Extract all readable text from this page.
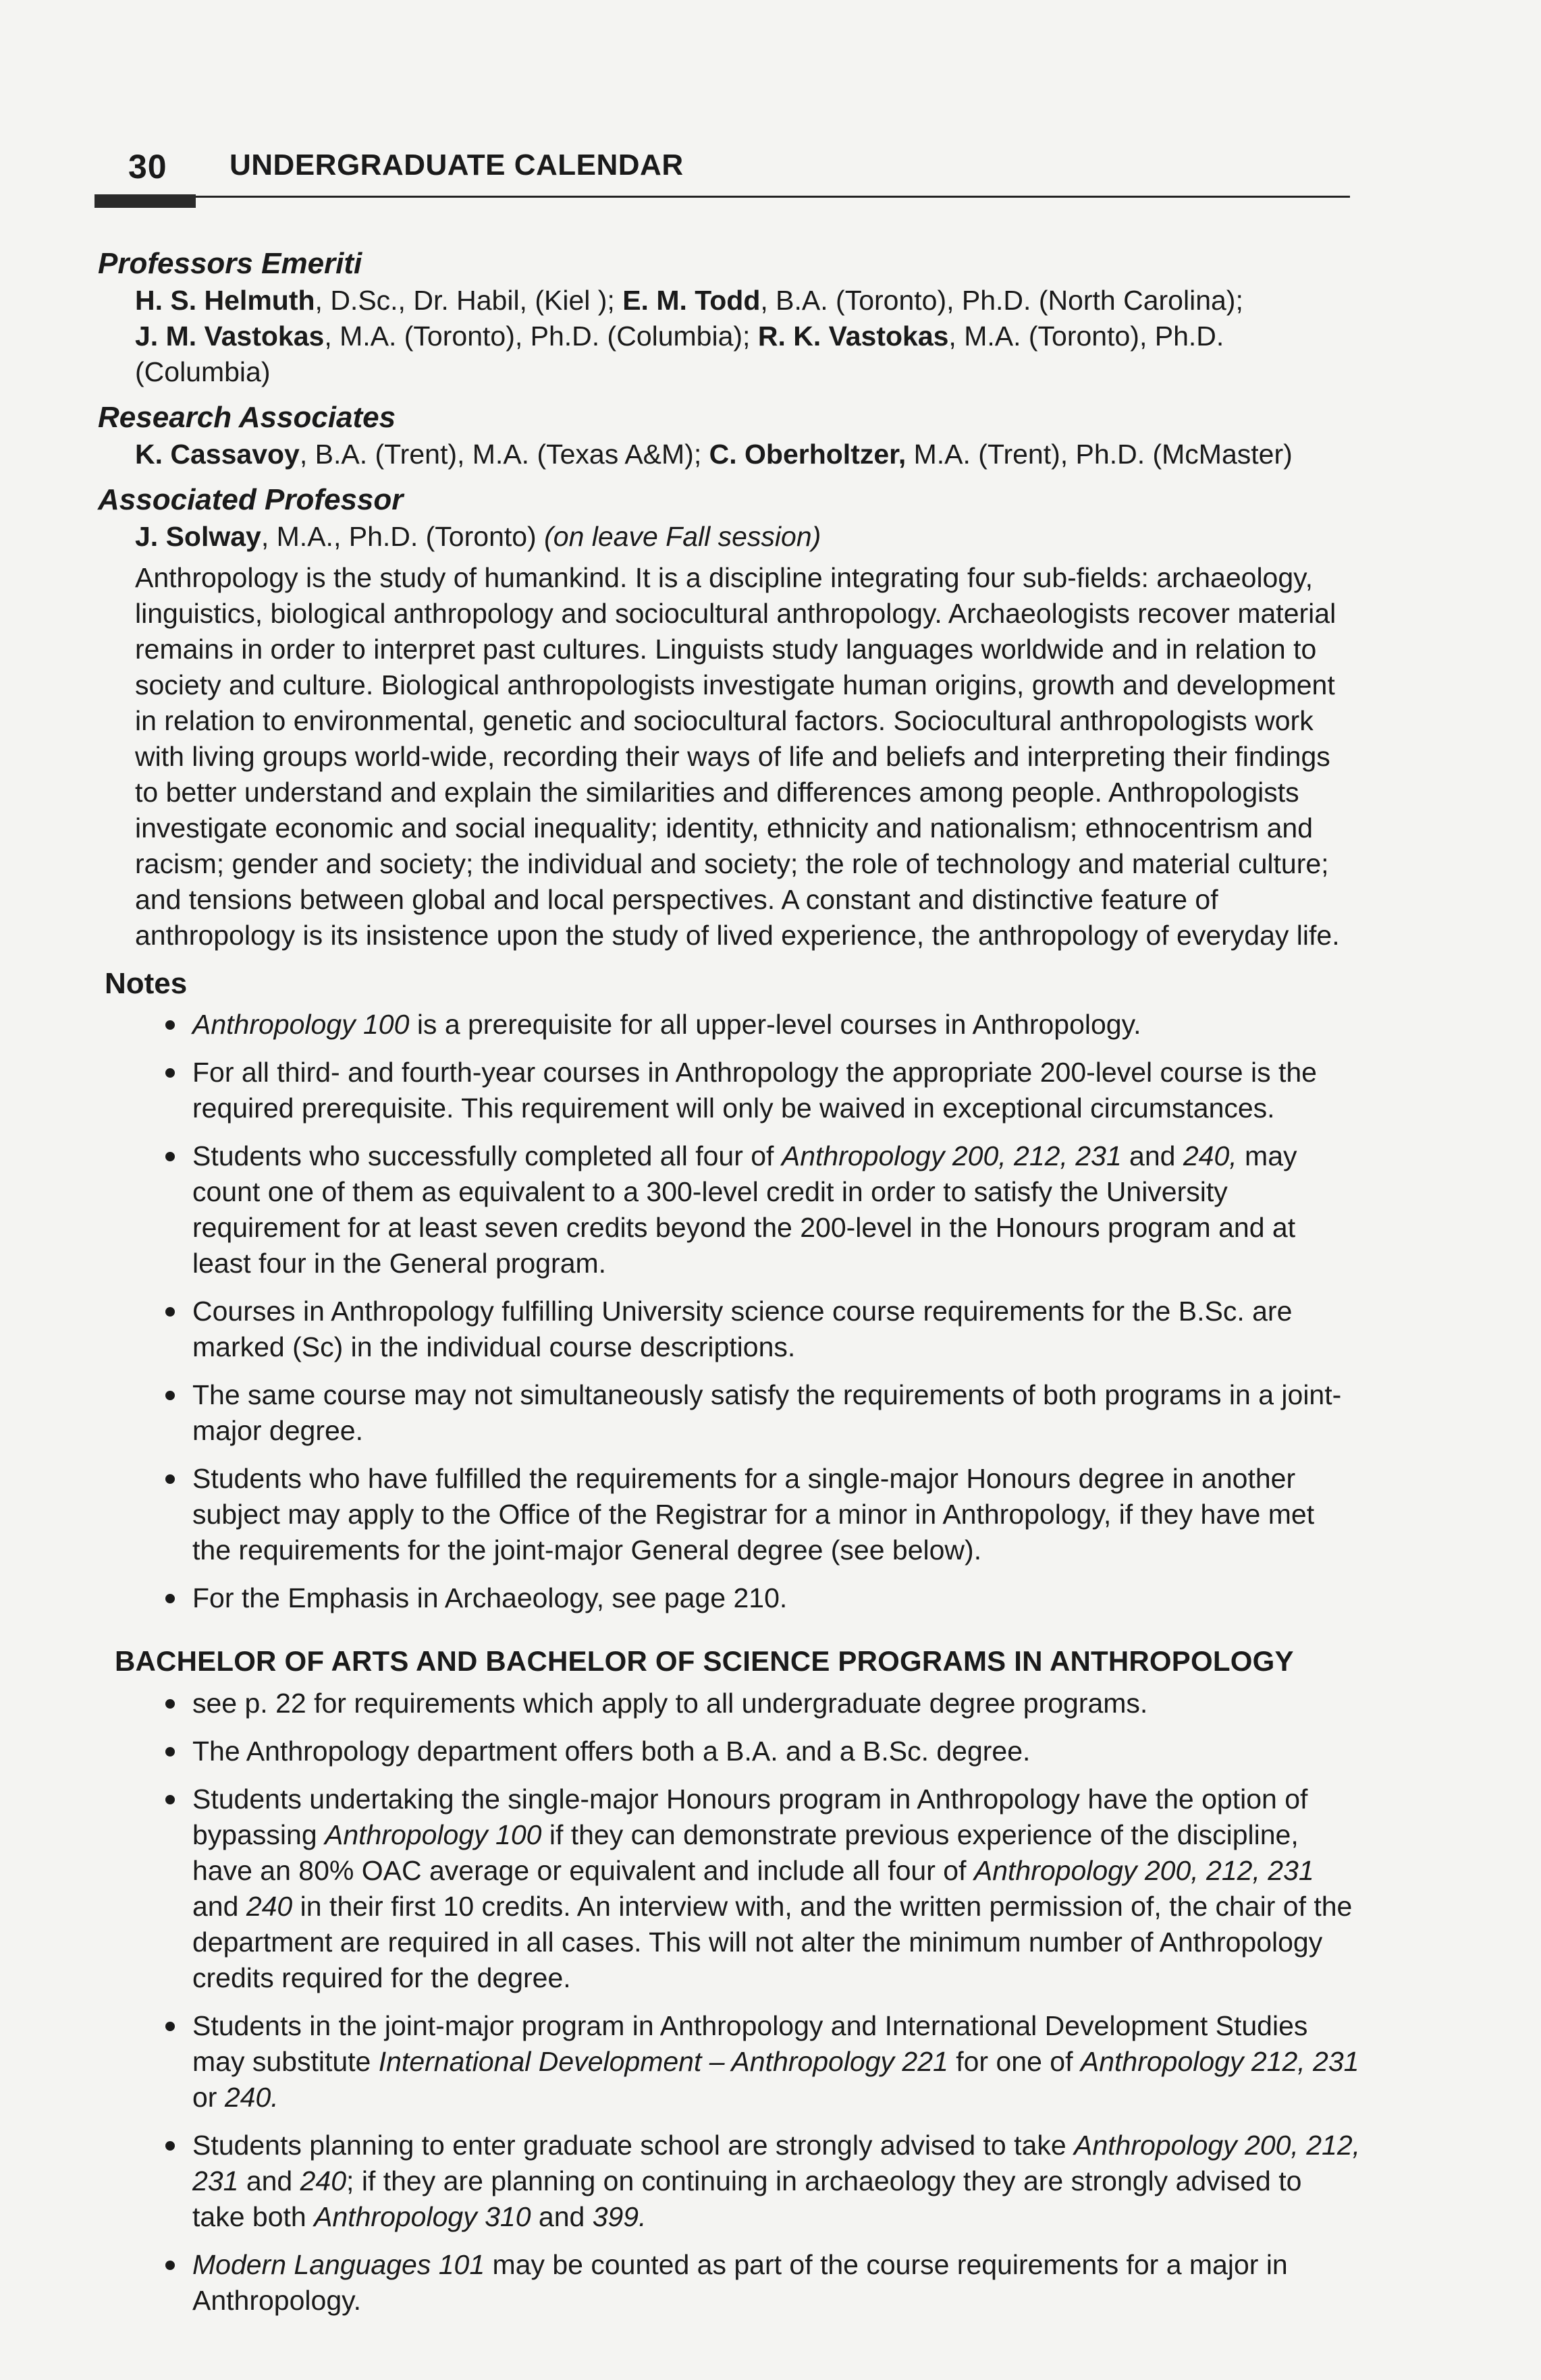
30 UNDERGRADUATE CALENDAR
Professors Emeriti
H. S. Helmuth, D.Sc., Dr. Habil, (Kiel ); E. M. Todd, B.A. (Toronto), Ph.D. (North Carolina);
J. M. Vastokas, M.A. (Toronto), Ph.D. (Columbia); R. K. Vastokas, M.A. (Toronto), Ph.D. (Columbia)
Research Associates
K. Cassavoy, B.A. (Trent), M.A. (Texas A&M); C. Oberholtzer, M.A. (Trent), Ph.D. (McMaster)
Associated Professor
J. Solway, M.A., Ph.D. (Toronto) (on leave Fall session)
Anthropology is the study of humankind. It is a discipline integrating four sub-fields: archaeology, linguistics, biological anthropology and sociocultural anthropology. Archaeologists recover material remains in order to interpret past cultures. Linguists study languages worldwide and in relation to society and culture. Biological anthropologists investigate human origins, growth and development in relation to environmental, genetic and sociocultural factors. Sociocultural anthropologists work with living groups world-wide, recording their ways of life and beliefs and interpreting their findings to better understand and explain the similarities and differences among people. Anthropologists investigate economic and social inequality; identity, ethnicity and nationalism; ethnocentrism and racism; gender and society; the individual and society; the role of technology and material culture; and tensions between global and local perspectives. A constant and distinctive feature of anthropology is its insistence upon the study of lived experience, the anthropology of everyday life.
Notes
Anthropology 100 is a prerequisite for all upper-level courses in Anthropology.
For all third- and fourth-year courses in Anthropology the appropriate 200-level course is the required prerequisite. This requirement will only be waived in exceptional circumstances.
Students who successfully completed all four of Anthropology 200, 212, 231 and 240, may count one of them as equivalent to a 300-level credit in order to satisfy the University requirement for at least seven credits beyond the 200-level in the Honours program and at least four in the General program.
Courses in Anthropology fulfilling University science course requirements for the B.Sc. are marked (Sc) in the individual course descriptions.
The same course may not simultaneously satisfy the requirements of both programs in a joint-major degree.
Students who have fulfilled the requirements for a single-major Honours degree in another subject may apply to the Office of the Registrar for a minor in Anthropology, if they have met the requirements for the joint-major General degree (see below).
For the Emphasis in Archaeology, see page 210.
BACHELOR OF ARTS AND BACHELOR OF SCIENCE PROGRAMS IN ANTHROPOLOGY
see p. 22 for requirements which apply to all undergraduate degree programs.
The Anthropology department offers both a B.A. and a B.Sc. degree.
Students undertaking the single-major Honours program in Anthropology have the option of bypassing Anthropology 100 if they can demonstrate previous experience of the discipline, have an 80% OAC average or equivalent and include all four of Anthropology 200, 212, 231 and 240 in their first 10 credits. An interview with, and the written permission of, the chair of the department are required in all cases. This will not alter the minimum number of Anthropology credits required for the degree.
Students in the joint-major program in Anthropology and International Development Studies may substitute International Development – Anthropology 221 for one of Anthropology 212, 231 or 240.
Students planning to enter graduate school are strongly advised to take Anthropology 200, 212, 231 and 240; if they are planning on continuing in archaeology they are strongly advised to take both Anthropology 310 and 399.
Modern Languages 101 may be counted as part of the course requirements for a major in Anthropology.
